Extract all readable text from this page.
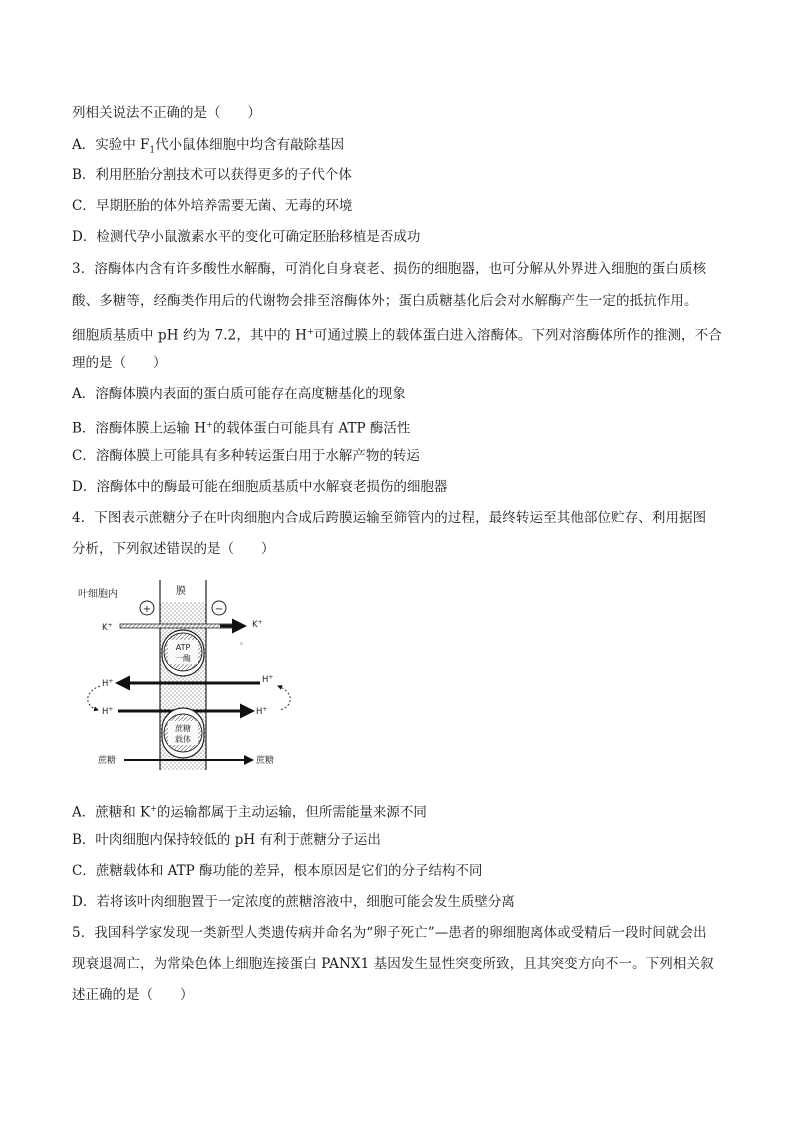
列相关说法不正确的是（　　）
A．实验中 $F_1$代小鼠体细胞中均含有敲除基因
B．利用胚胎分割技术可以获得更多的子代个体
C．早期胚胎的体外培养需要无菌、无毒的环境
D．检测代孕小鼠激素水平的变化可确定胚胎移植是否成功
3．溶酶体内含有许多酸性水解酶，可消化自身衰老、损伤的细胞器，也可分解从外界进入细胞的蛋白质核
酸、多糖等，经酶类作用后的代谢物会排至溶酶体外；蛋白质糖基化后会对水解酶产生一定的抵抗作用。
细胞质基质中 pH 约为 7.2，其中的 H+可通过膜上的载体蛋白进入溶酶体。下列对溶酶体所作的推测，不合
理的是（　　）
A．溶酶体膜内表面的蛋白质可能存在高度糖基化的现象
B．溶酶体膜上运输 H+的载体蛋白可能具有 ATP 酶活性
C．溶酶体膜上可能具有多种转运蛋白用于水解产物的转运
D．溶酶体中的酶最可能在细胞质基质中水解衰老损伤的细胞器
4．下图表示蔗糖分子在叶肉细胞内合成后跨膜运输至筛管内的过程，最终转运至其他部位贮存、利用据图
分析，下列叙述错误的是（　　）
叶细胞内	膜
+	−
K+	K+
。
ATP
一酶
H+	H+
H+	H+
蔗糖
载体
蔗糖	蔗糖
A．蔗糖和 K+的运输都属于主动运输，但所需能量来源不同
B．叶肉细胞内保持较低的 pH 有利于蔗糖分子运出
C．蔗糖载体和 ATP 酶功能的差异，根本原因是它们的分子结构不同
D．若将该叶肉细胞置于一定浓度的蔗糖溶液中，细胞可能会发生质壁分离
5．我国科学家发现一类新型人类遗传病并命名为“卵子死亡”—患者的卵细胞离体或受精后一段时间就会出
现衰退凋亡，为常染色体上细胞连接蛋白 PANX1 基因发生显性突变所致，且其突变方向不一。下列相关叙
述正确的是（　　）
